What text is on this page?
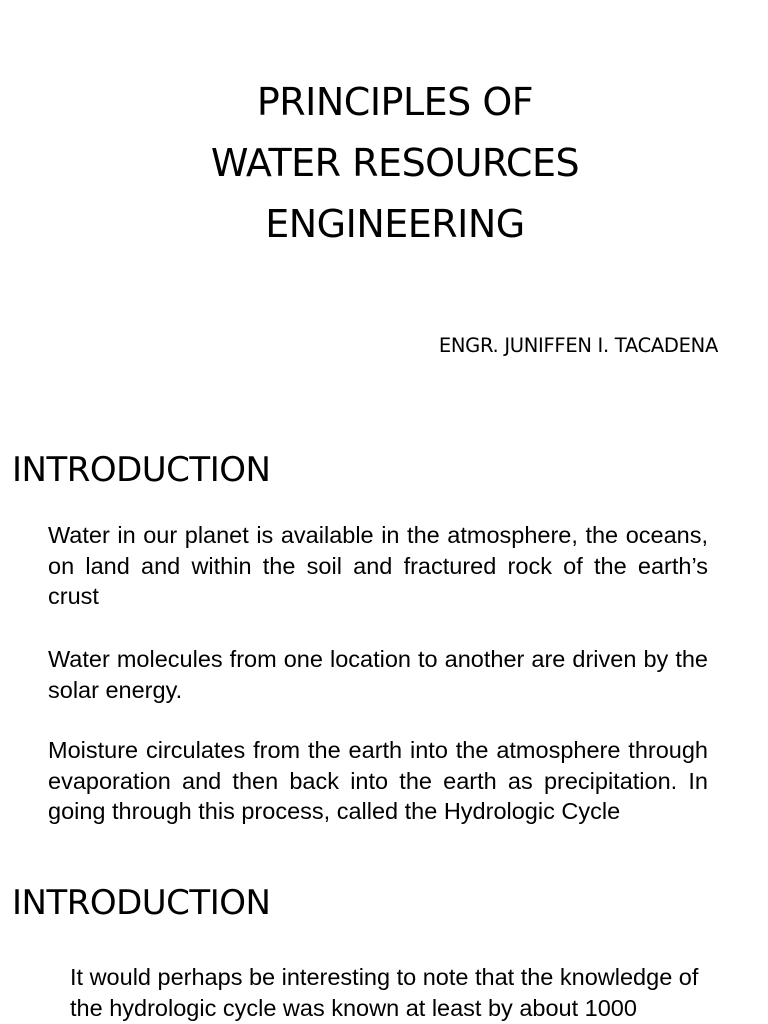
PRINCIPLES OF
WATER RESOURCES
ENGINEERING

ENGR. JUNIFFEN I. TACADENA

INTRODUCTION

Water in our planet is available in the atmosphere, the oceans, on land and within the soil and fractured rock of the earth’s crust

Water molecules from one location to another are driven by the solar energy.

Moisture circulates from the earth into the atmosphere through evaporation and then back into the earth as precipitation. In going through this process, called the Hydrologic Cycle

INTRODUCTION

It would perhaps be interesting to note that the knowledge of the hydrologic cycle was known at least by about 1000
